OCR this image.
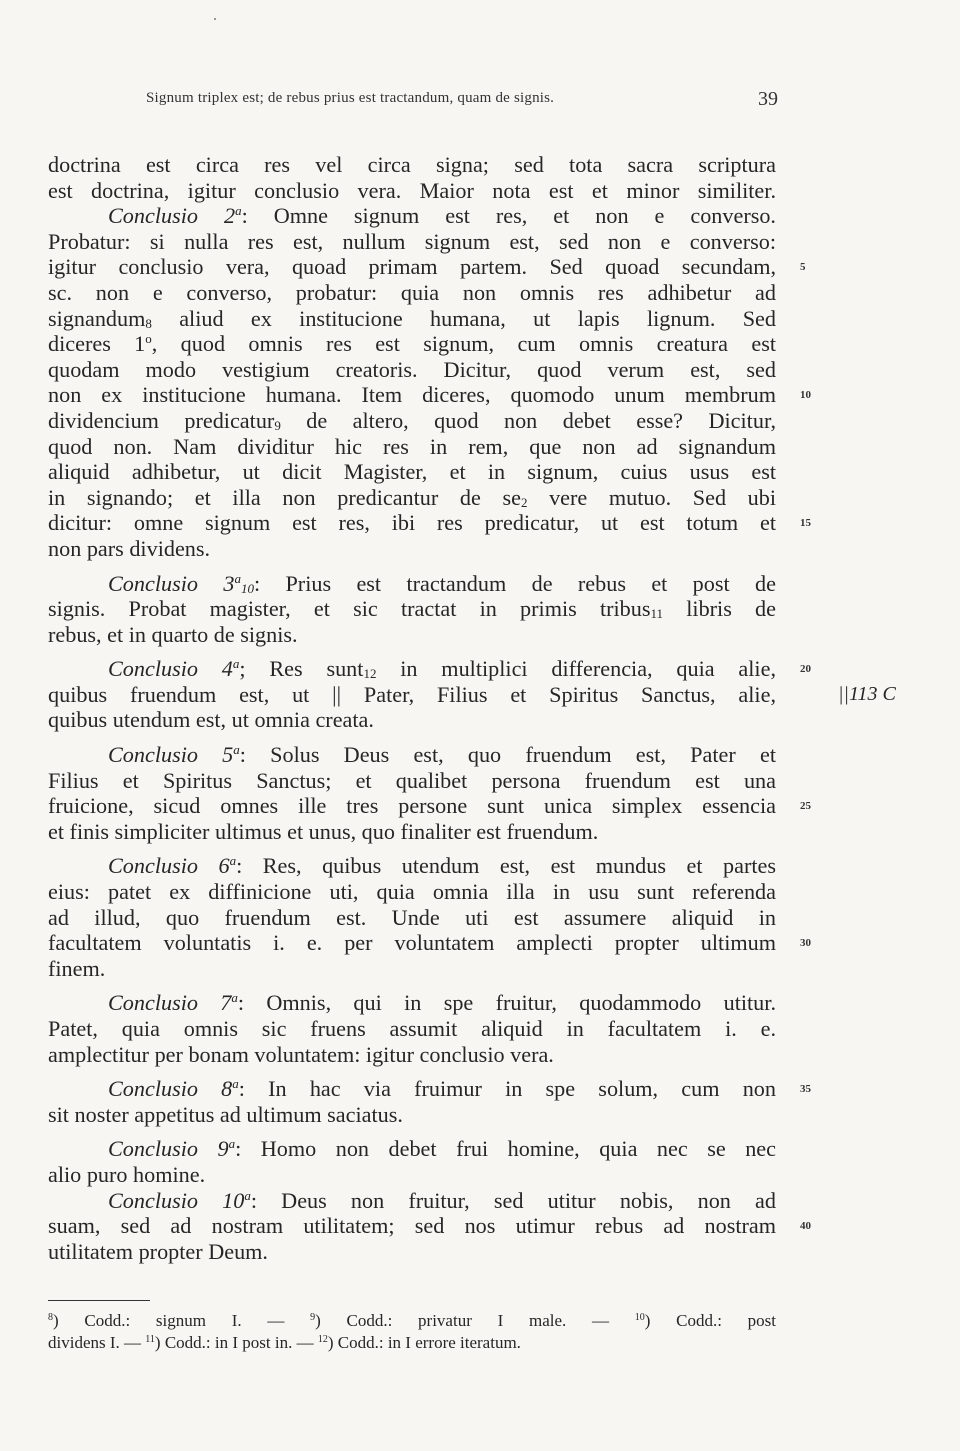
Signum triplex est; de rebus prius est tractandum, quam de signis.	39
doctrina est circa res vel circa signa; sed tota sacra scriptura
est doctrina, igitur conclusio vera. Maior nota est et minor similiter.
Conclusio 2$^a$: Omne signum est res, et non e converso.
Probatur: si nulla res est, nullum signum est, sed non e converso:
igitur conclusio vera, quoad primam partem. Sed quoad secundam, 5
sc. non e converso, probatur: quia non omnis res adhibetur ad
signandum$_8$ aliud ex institucione humana, ut lapis lignum. Sed
diceres 1$^o$, quod omnis res est signum, cum omnis creatura est
quodam modo vestigium creatoris. Dicitur, quod verum est, sed
non ex institucione humana. Item diceres, quomodo unum membrum 10
dividencium predicatur$_9$ de altero, quod non debet esse? Dicitur,
quod non. Nam dividitur hic res in rem, que non ad signandum
aliquid adhibetur, ut dicit Magister, et in signum, cuius usus est
in signando; et illa non predicantur de $se_2$ vere mutuo. Sed ubi
dicitur: omne signum est res, ibi res predicatur, ut est totum et 15
non pars dividens.
Conclusio $3^a_{10}$: Prius est tractandum de rebus et post de
signis. Probat magister, et sic tractat in primis tribus$_{11}$ libris de
rebus, et in quarto de signis.
Conclusio 4$^a$; Res sunt$_{12}$ in multiplici differencia, quia alie, 20
quibus fruendum est, ut || Pater, Filius et Spiritus Sanctus, alie,	||113 C
quibus utendum est, ut omnia creata.
Conclusio 5$^a$: Solus Deus est, quo fruendum est, Pater et
Filius et Spiritus Sanctus; et qualibet persona fruendum est una
fruicione, sicud omnes ille tres persone sunt unica simplex essencia 25
et finis simpliciter ultimus et unus, quo finaliter est fruendum.
Conclusio 6$^a$: Res, quibus utendum est, est mundus et partes
eius: patet ex diffinicione uti, quia omnia illa in usu sunt referenda
ad illud, quo fruendum est. Unde uti est assumere aliquid in
facultatem voluntatis i. e. per voluntatem amplecti propter ultimum 30
finem.
Conclusio 7$^a$: Omnis, qui in spe fruitur, quodammodo utitur.
Patet, quia omnis sic fruens assumit aliquid in facultatem i. e.
amplectitur per bonam voluntatem: igitur conclusio vera.
Conclusio 8$^a$: In hac via fruimur in spe solum, cum non 35
sit noster appetitus ad ultimum saciatus.
Conclusio 9$^a$: Homo non debet frui homine, quia nec se nec
alio puro homine.
Conclusio 10$^a$: Deus non fruitur, sed utitur nobis, non ad
suam, sed ad nostram utilitatem; sed nos utimur rebus ad nostram 40
utilitatem propter Deum.
$^8$) Codd.: signum I. — $^9$) Codd.: privatur I male. — $^{10}$) Codd.: post
dividens I. — $^{11}$) Codd.: in I post in. — $^{12}$) Codd.: in I errore iteratum.
